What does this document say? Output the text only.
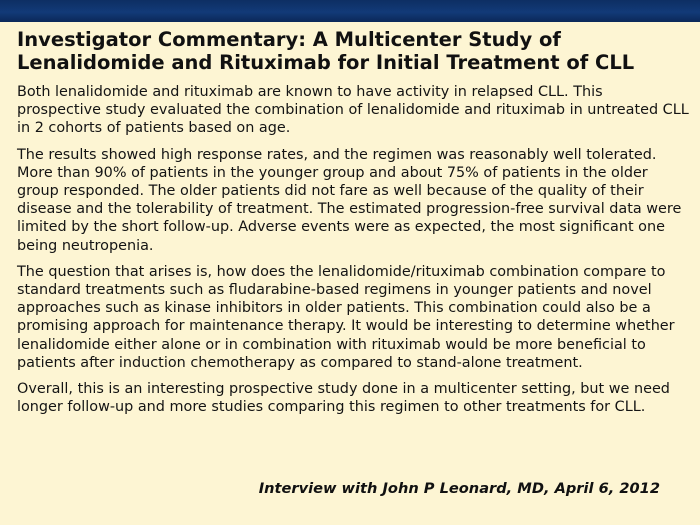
Investigator Commentary: A Multicenter Study of
Lenalidomide and Rituximab for Initial Treatment of CLL

Both lenalidomide and rituximab are known to have activity in relapsed CLL. This prospective study evaluated the combination of lenalidomide and rituximab in untreated CLL in 2 cohorts of patients based on age.

The results showed high response rates, and the regimen was reasonably well tolerated. More than 90% of patients in the younger group and about 75% of patients in the older group responded. The older patients did not fare as well because of the quality of their disease and the tolerability of treatment. The estimated progression-free survival data were limited by the short follow-up. Adverse events were as expected, the most significant one being neutropenia.

The question that arises is, how does the lenalidomide/rituximab combination compare to standard treatments such as fludarabine-based regimens in younger patients and novel approaches such as kinase inhibitors in older patients. This combination could also be a promising approach for maintenance therapy. It would be interesting to determine whether lenalidomide either alone or in combination with rituximab would be more beneficial to patients after induction chemotherapy as compared to stand-alone treatment.

Overall, this is an interesting prospective study done in a multicenter setting, but we need longer follow-up and more studies comparing this regimen to other treatments for CLL.

Interview with John P Leonard, MD, April 6, 2012
